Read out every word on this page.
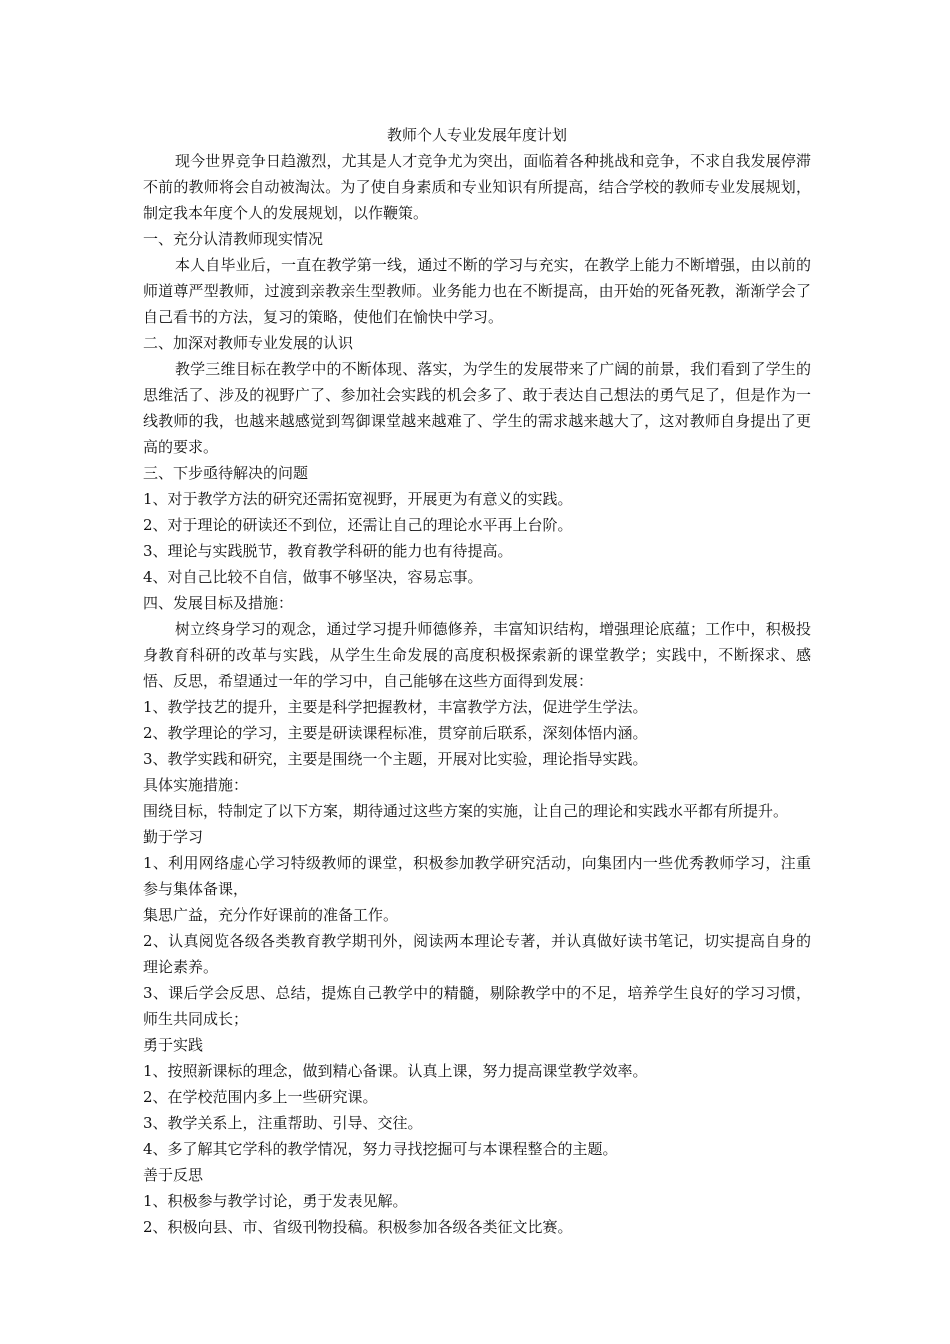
教师个人专业发展年度计划

现今世界竞争日趋激烈，尤其是人才竞争尤为突出，面临着各种挑战和竞争，不求自我发展停滞不前的教师将会自动被淘汰。为了使自身素质和专业知识有所提高，结合学校的教师专业发展规划，制定我本年度个人的发展规划，以作鞭策。

一、充分认清教师现实情况

本人自毕业后，一直在教学第一线，通过不断的学习与充实，在教学上能力不断增强，由以前的师道尊严型教师，过渡到亲教亲生型教师。业务能力也在不断提高，由开始的死备死教，渐渐学会了自己看书的方法，复习的策略，使他们在愉快中学习。

二、加深对教师专业发展的认识

教学三维目标在教学中的不断体现、落实，为学生的发展带来了广阔的前景，我们看到了学生的思维活了、涉及的视野广了、参加社会实践的机会多了、敢于表达自己想法的勇气足了，但是作为一线教师的我，也越来越感觉到驾御课堂越来越难了、学生的需求越来越大了，这对教师自身提出了更高的要求。

三、下步亟待解决的问题

1、对于教学方法的研究还需拓宽视野，开展更为有意义的实践。

2、对于理论的研读还不到位，还需让自己的理论水平再上台阶。

3、理论与实践脱节，教育教学科研的能力也有待提高。

4、对自己比较不自信，做事不够坚决，容易忘事。

四、发展目标及措施：

树立终身学习的观念，通过学习提升师德修养，丰富知识结构，增强理论底蕴；工作中，积极投身教育科研的改革与实践，从学生生命发展的高度积极探索新的课堂教学；实践中，不断探求、感悟、反思，希望通过一年的学习中，自己能够在这些方面得到发展：

1、教学技艺的提升，主要是科学把握教材，丰富教学方法，促进学生学法。

2、教学理论的学习，主要是研读课程标准，贯穿前后联系，深刻体悟内涵。

3、教学实践和研究，主要是围绕一个主题，开展对比实验，理论指导实践。

具体实施措施：

围绕目标，特制定了以下方案，期待通过这些方案的实施，让自己的理论和实践水平都有所提升。

勤于学习

1、利用网络虚心学习特级教师的课堂，积极参加教学研究活动，向集团内一些优秀教师学习，注重参与集体备课，

集思广益，充分作好课前的准备工作。

2、认真阅览各级各类教育教学期刊外，阅读两本理论专著，并认真做好读书笔记，切实提高自身的理论素养。

3、课后学会反思、总结，提炼自己教学中的精髓，剔除教学中的不足，培养学生良好的学习习惯，师生共同成长；

勇于实践

1、按照新课标的理念，做到精心备课。认真上课，努力提高课堂教学效率。

2、在学校范围内多上一些研究课。

3、教学关系上，注重帮助、引导、交往。

4、多了解其它学科的教学情况，努力寻找挖掘可与本课程整合的主题。

善于反思

1、积极参与教学讨论，勇于发表见解。

2、积极向县、市、省级刊物投稿。积极参加各级各类征文比赛。
